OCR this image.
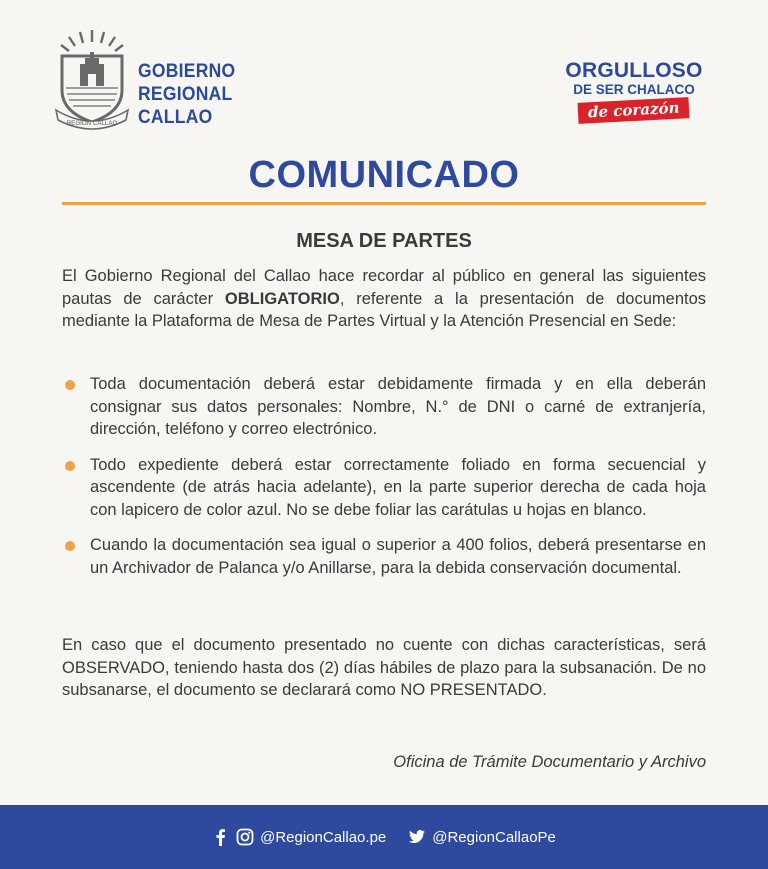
REGIÓN CALLAO
GOBIERNO
REGIONAL
CALLAO
ORGULLOSO
DE SER CHALACO
de corazón
COMUNICADO
MESA DE PARTES
El Gobierno Regional del Callao hace recordar al público en general las siguientes pautas de carácter OBLIGATORIO, referente a la presentación de documentos mediante la Plataforma de Mesa de Partes Virtual y la Atención Presencial en Sede:
Toda documentación deberá estar debidamente firmada y en ella deberán consignar sus datos personales: Nombre, N.° de DNI o carné de extranjería, dirección, teléfono y correo electrónico.
Todo expediente deberá estar correctamente foliado en forma secuencial y ascendente (de atrás hacia adelante), en la parte superior derecha de cada hoja con lapicero de color azul. No se debe foliar las carátulas u hojas en blanco.
Cuando la documentación sea igual o superior a 400 folios, deberá presentarse en un Archivador de Palanca y/o Anillarse, para la debida conservación documental.
En caso que el documento presentado no cuente con dichas características, será OBSERVADO, teniendo hasta dos (2) días hábiles de plazo para la subsanación. De no subsanarse, el documento se declarará como NO PRESENTADO.
Oficina de Trámite Documentario y Archivo
@RegionCallao.pe	@RegionCallaoPe
